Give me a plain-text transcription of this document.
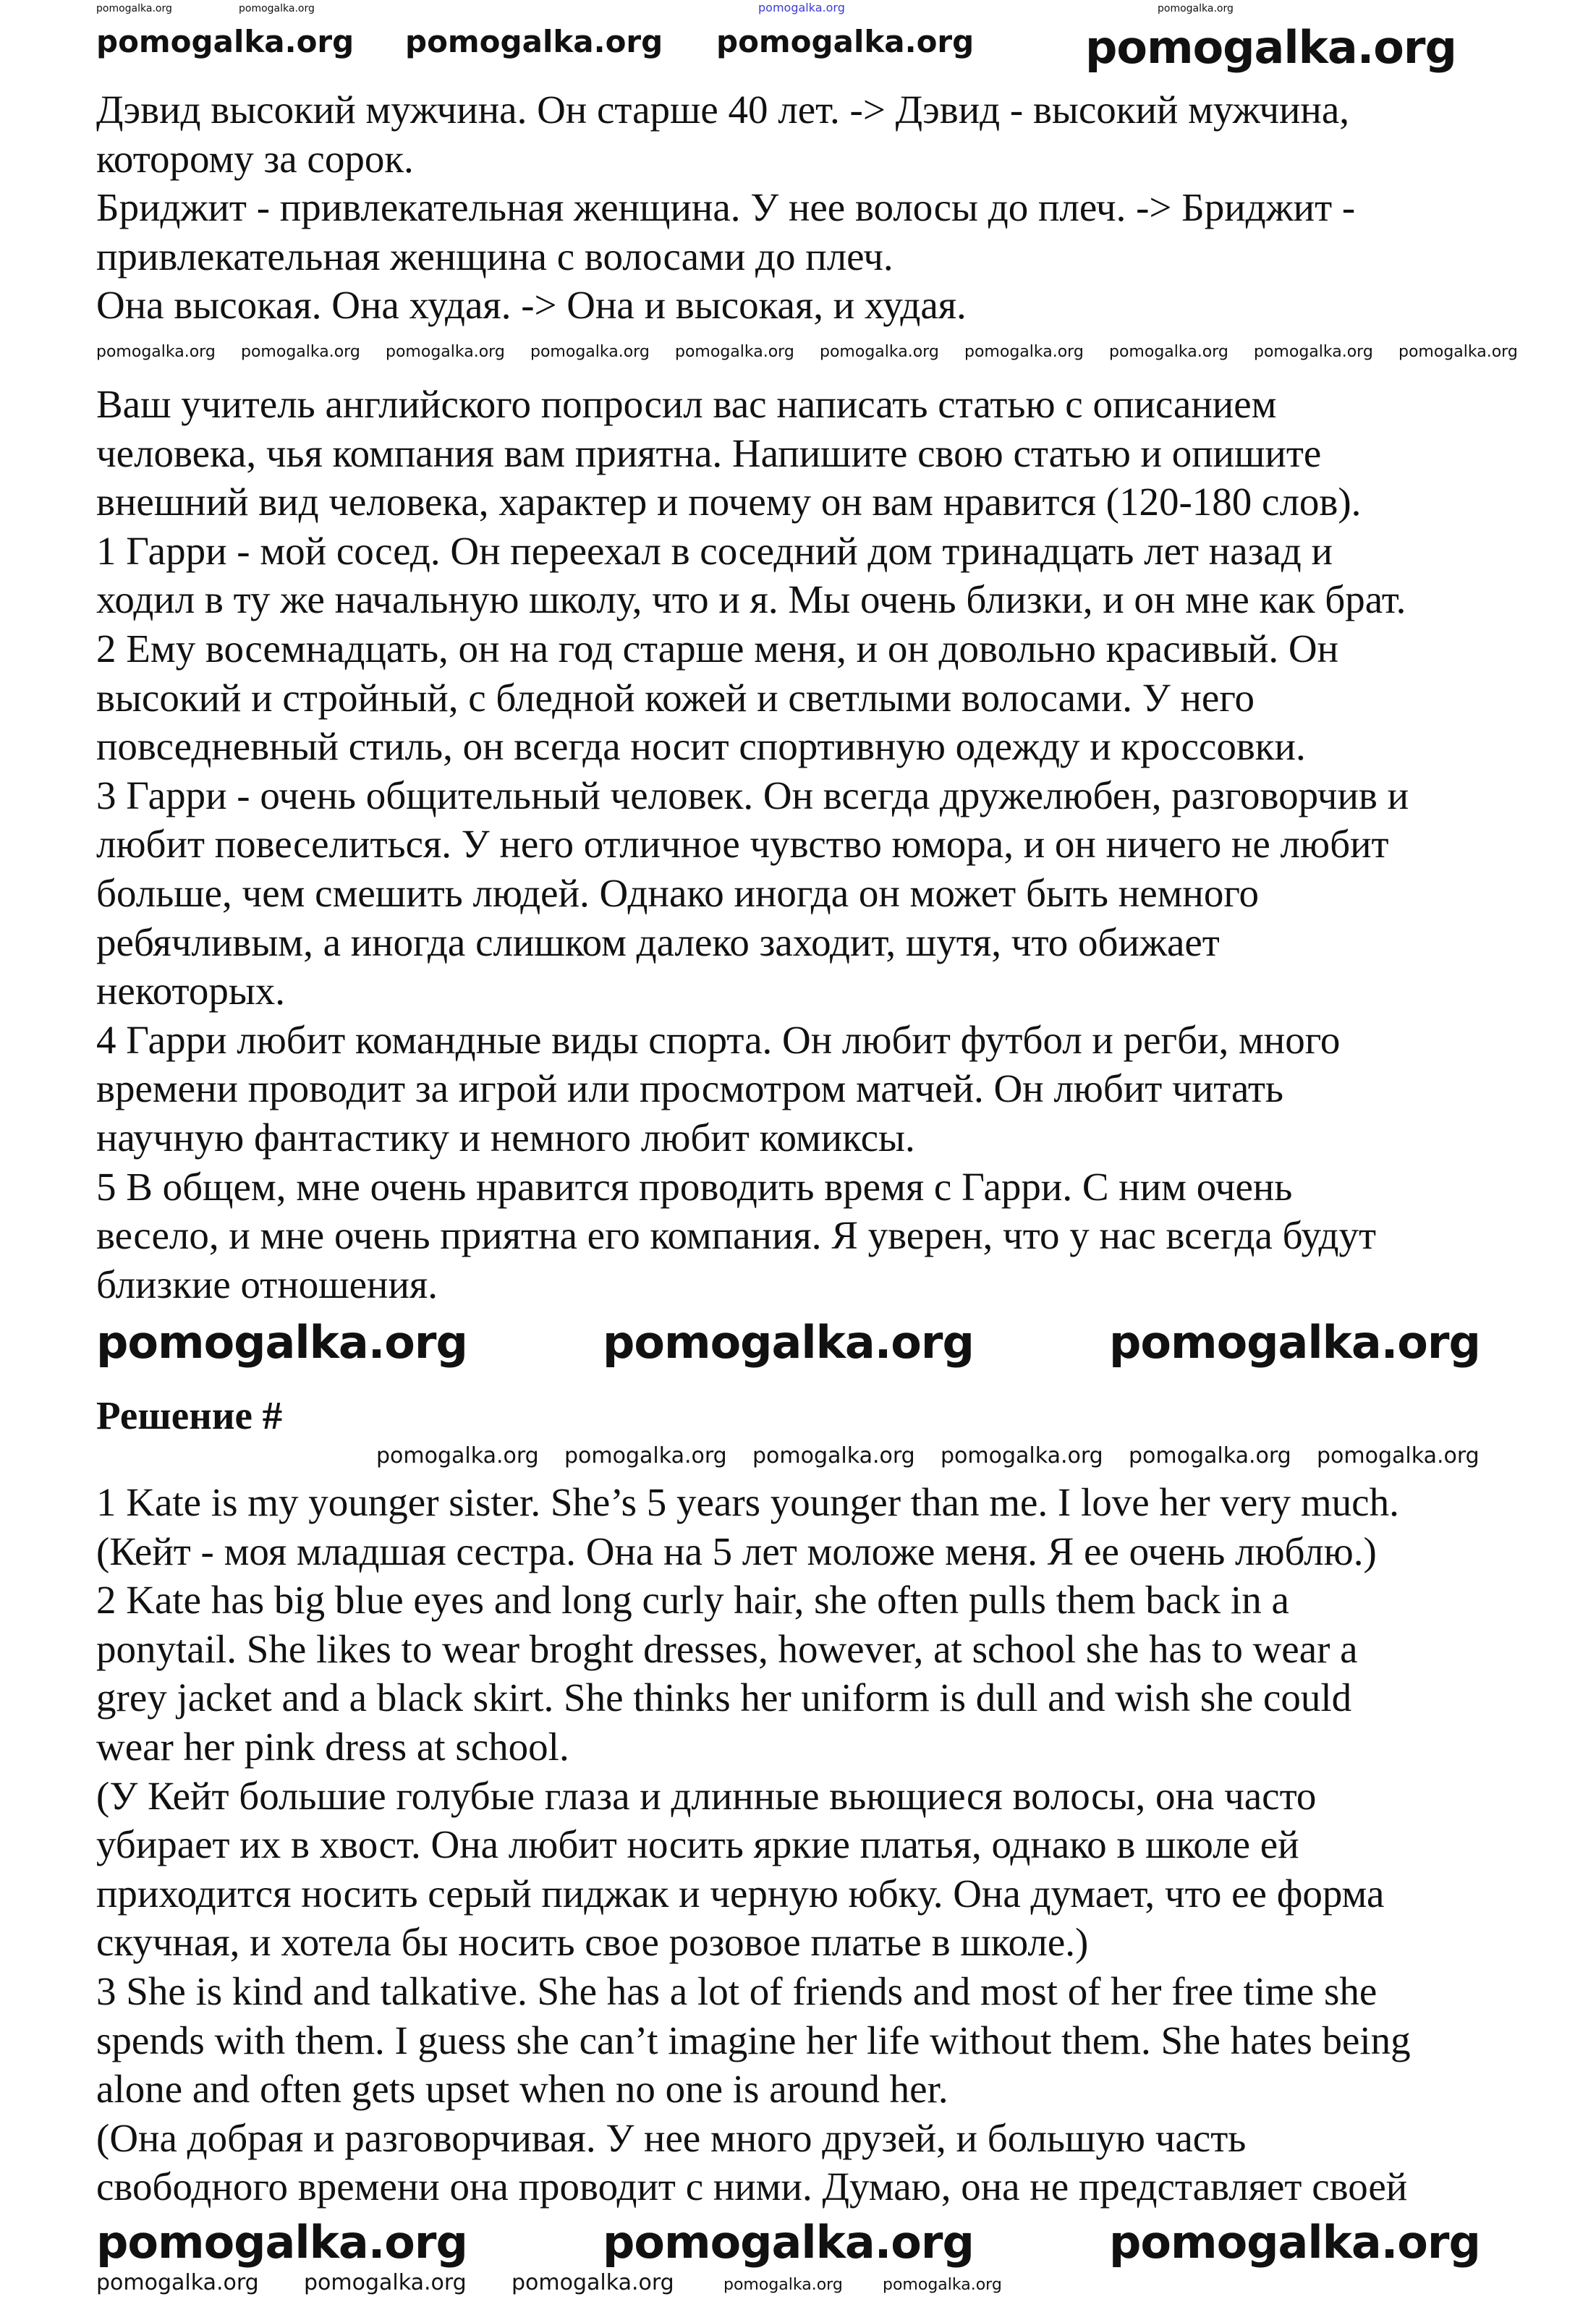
Дэвид высокий мужчина. Он старше 40 лет. -> Дэвид - высокий мужчина,
которому за сорок.
Бриджит - привлекательная женщина. У нее волосы до плеч. -> Бриджит -
привлекательная женщина с волосами до плеч.
Она высокая. Она худая. -> Она и высокая, и худая.
Ваш учитель английского попросил вас написать статью с описанием
человека, чья компания вам приятна. Напишите свою статью и опишите
внешний вид человека, характер и почему он вам нравится (120-180 слов).
1 Гарри - мой сосед. Он переехал в соседний дом тринадцать лет назад и
ходил в ту же начальную школу, что и я. Мы очень близки, и он мне как брат.
2 Ему восемнадцать, он на год старше меня, и он довольно красивый. Он
высокий и стройный, с бледной кожей и светлыми волосами. У него
повседневный стиль, он всегда носит спортивную одежду и кроссовки.
3 Гарри - очень общительный человек. Он всегда дружелюбен, разговорчив и
любит повеселиться. У него отличное чувство юмора, и он ничего не любит
больше, чем смешить людей. Однако иногда он может быть немного
ребячливым, а иногда слишком далеко заходит, шутя, что обижает
некоторых.
4 Гарри любит командные виды спорта. Он любит футбол и регби, много
времени проводит за игрой или просмотром матчей. Он любит читать
научную фантастику и немного любит комиксы.
5 В общем, мне очень нравится проводить время с Гарри. С ним очень
весело, и мне очень приятна его компания. Я уверен, что у нас всегда будут
близкие отношения.
Решение #
1 Kate is my younger sister. She’s 5 years younger than me. I love her very much.
(Кейт - моя младшая сестра. Она на 5 лет моложе меня. Я ее очень люблю.)
2 Kate has big blue eyes and long curly hair, she often pulls them back in a
ponytail. She likes to wear broght dresses, however, at school she has to wear a
grey jacket and a black skirt. She thinks her uniform is dull and wish she could
wear her pink dress at school.
(У Кейт большие голубые глаза и длинные вьющиеся волосы, она часто
убирает их в хвост. Она любит носить яркие платья, однако в школе ей
приходится носить серый пиджак и черную юбку. Она думает, что ее форма
скучная, и хотела бы носить свое розовое платье в школе.)
3 She is kind and talkative. She has a lot of friends and most of her free time she
spends with them. I guess she can’t imagine her life without them. She hates being
alone and often gets upset when no one is around her.
(Она добрая и разговорчивая. У нее много друзей, и большую часть
свободного времени она проводит с ними. Думаю, она не представляет своей
pomogalka.org
pomogalka.org	pomogalka.org	pomogalka.org
pomogalka.org pomogalka.org pomogalka.org pomogalka.org
pomogalka.org pomogalka.org pomogalka.org pomogalka.org pomogalka.org pomogalka.org pomogalka.org pomogalka.org pomogalka.org pomogalka.org
pomogalka.org	pomogalka.org	pomogalka.org
pomogalka.org pomogalka.org pomogalka.org pomogalka.org pomogalka.org pomogalka.org
pomogalka.org	pomogalka.org	pomogalka.org
pomogalka.org pomogalka.org pomogalka.org	pomogalka.org	pomogalka.org
